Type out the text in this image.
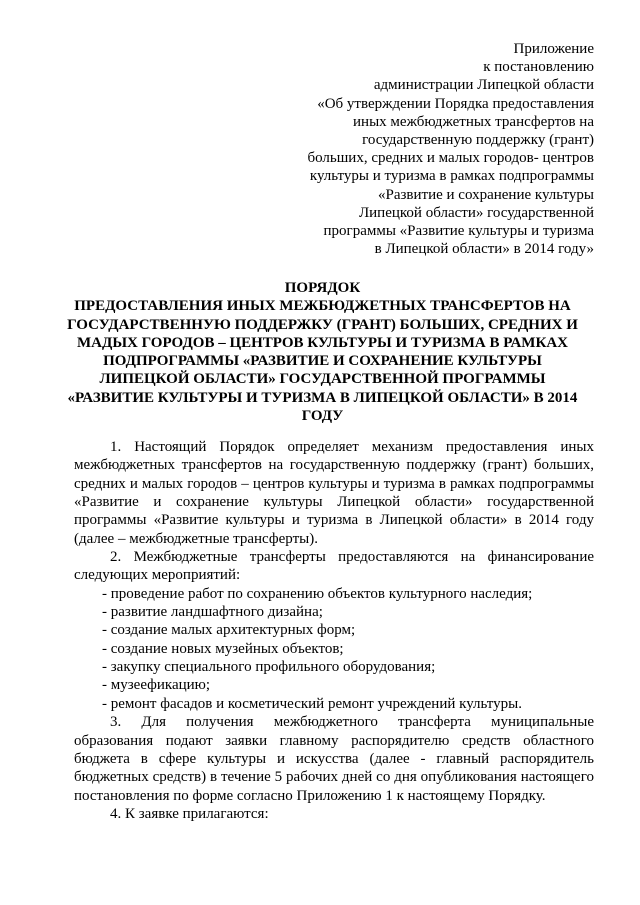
Приложение
к постановлению
администрации Липецкой области
«Об утверждении Порядка предоставления
иных межбюджетных трансфертов на
государственную поддержку (грант)
больших, средних и малых городов- центров
культуры и туризма в рамках подпрограммы
«Развитие и сохранение культуры
Липецкой области» государственной
программы «Развитие культуры и туризма
в Липецкой области» в 2014 году»
ПОРЯДОК
ПРЕДОСТАВЛЕНИЯ ИНЫХ МЕЖБЮДЖЕТНЫХ ТРАНСФЕРТОВ НА
ГОСУДАРСТВЕННУЮ ПОДДЕРЖКУ (ГРАНТ) БОЛЬШИХ, СРЕДНИХ И
МАДЫХ ГОРОДОВ – ЦЕНТРОВ КУЛЬТУРЫ И ТУРИЗМА В РАМКАХ
ПОДПРОГРАММЫ «РАЗВИТИЕ И СОХРАНЕНИЕ КУЛЬТУРЫ
ЛИПЕЦКОЙ ОБЛАСТИ» ГОСУДАРСТВЕННОЙ ПРОГРАММЫ
«РАЗВИТИЕ КУЛЬТУРЫ И ТУРИЗМА В ЛИПЕЦКОЙ ОБЛАСТИ» В 2014
ГОДУ

1. Настоящий Порядок определяет механизм предоставления иных межбюджетных трансфертов на государственную поддержку (грант) больших, средних и малых городов – центров культуры и туризма в рамках подпрограммы «Развитие и сохранение культуры Липецкой области» государственной программы «Развитие культуры и туризма в Липецкой области» в 2014 году (далее – межбюджетные трансферты).

2. Межбюджетные трансферты предоставляются на финансирование следующих мероприятий:

- проведение работ по сохранению объектов культурного наследия;
- развитие ландшафтного дизайна;
- создание малых архитектурных форм;
- создание новых музейных объектов;
- закупку специального профильного оборудования;
- музеефикацию;
- ремонт фасадов и косметический ремонт учреждений культуры.

3. Для получения межбюджетного трансферта муниципальные образования подают заявки главному распорядителю средств областного бюджета в сфере культуры и искусства (далее - главный распорядитель бюджетных средств) в течение 5 рабочих дней со дня опубликования настоящего постановления по форме согласно Приложению 1 к настоящему Порядку.

4. К заявке прилагаются:
